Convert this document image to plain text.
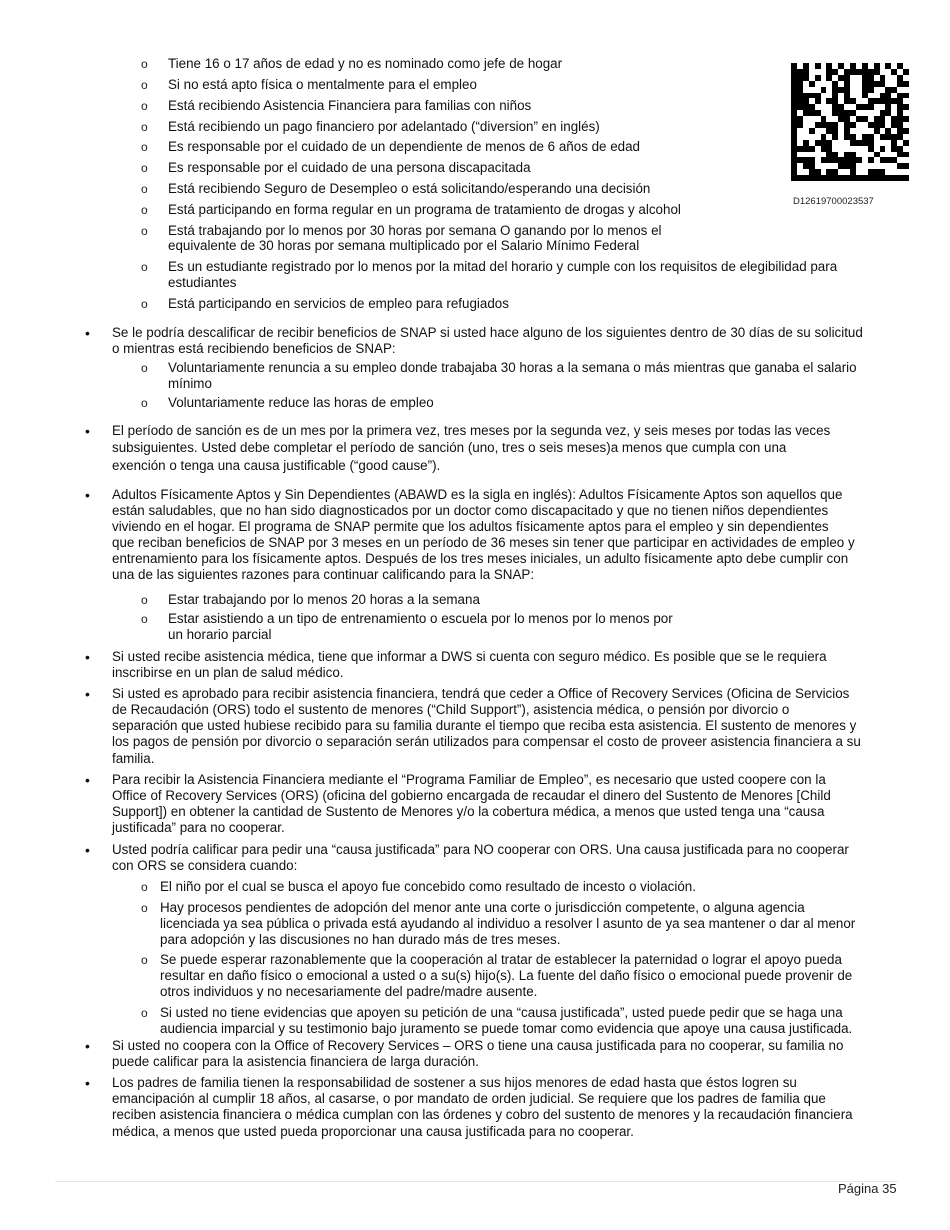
D12619700023537
o Tiene 16 o 17 años de edad y no es nominado como jefe de hogar
o Si no está apto física o mentalmente para el empleo
o Está recibiendo Asistencia Financiera para familias con niños
o Está recibiendo un pago financiero por adelantado (“diversion” en inglés)
o Es responsable por el cuidado de un dependiente de menos de 6 años de edad
o Es responsable por el cuidado de una persona discapacitada
o Está recibiendo Seguro de Desempleo o está solicitando/esperando una decisión
o Está participando en forma regular en un programa de tratamiento de drogas y alcohol
o Está trabajando por lo menos por 30 horas por semana O ganando por lo menos el
equivalente de 30 horas por semana multiplicado por el Salario Mínimo Federal
o Es un estudiante registrado por lo menos por la mitad del horario y cumple con los requisitos de elegibilidad para
estudiantes
o Está participando en servicios de empleo para refugiados
• Se le podría descalificar de recibir beneficios de SNAP si usted hace alguno de los siguientes dentro de 30 días de su solicitud
o mientras está recibiendo beneficios de SNAP:
o Voluntariamente renuncia a su empleo donde trabajaba 30 horas a la semana o más mientras que ganaba el salario
mínimo
o Voluntariamente reduce las horas de empleo
• El período de sanción es de un mes por la primera vez, tres meses por la segunda vez, y seis meses por todas las veces
subsiguientes. Usted debe completar el período de sanción (uno, tres o seis meses)a menos que cumpla con una
exención o tenga una causa justificable (“good cause”).
• Adultos Físicamente Aptos y Sin Dependientes (ABAWD es la sigla en inglés): Adultos Físicamente Aptos son aquellos que
están saludables, que no han sido diagnosticados por un doctor como discapacitado y que no tienen niños dependientes
viviendo en el hogar. El programa de SNAP permite que los adultos físicamente aptos para el empleo y sin dependientes
que reciban beneficios de SNAP por 3 meses en un período de 36 meses sin tener que participar en actividades de empleo y
entrenamiento para los físicamente aptos. Después de los tres meses iniciales, un adulto físicamente apto debe cumplir con
una de las siguientes razones para continuar calificando para la SNAP:
o Estar trabajando por lo menos 20 horas a la semana
o Estar asistiendo a un tipo de entrenamiento o escuela por lo menos por lo menos por
un horario parcial
• Si usted recibe asistencia médica, tiene que informar a DWS si cuenta con seguro médico. Es posible que se le requiera
inscribirse en un plan de salud médico.
• Si usted es aprobado para recibir asistencia financiera, tendrá que ceder a Office of Recovery Services (Oficina de Servicios
de Recaudación (ORS) todo el sustento de menores (“Child Support”), asistencia médica, o pensión por divorcio o
separación que usted hubiese recibido para su familia durante el tiempo que reciba esta asistencia. El sustento de menores y
los pagos de pensión por divorcio o separación serán utilizados para compensar el costo de proveer asistencia financiera a su
familia.
• Para recibir la Asistencia Financiera mediante el “Programa Familiar de Empleo”, es necesario que usted coopere con la
Office of Recovery Services (ORS) (oficina del gobierno encargada de recaudar el dinero del Sustento de Menores [Child
Support]) en obtener la cantidad de Sustento de Menores y/o la cobertura médica, a menos que usted tenga una “causa
justificada” para no cooperar.
• Usted podría calificar para pedir una “causa justificada” para NO cooperar con ORS. Una causa justificada para no cooperar
con ORS se considera cuando:
o El niño por el cual se busca el apoyo fue concebido como resultado de incesto o violación.
o Hay procesos pendientes de adopción del menor ante una corte o jurisdicción competente, o alguna agencia
licenciada ya sea pública o privada está ayudando al individuo a resolver l asunto de ya sea mantener o dar al menor
para adopción y las discusiones no han durado más de tres meses.
o Se puede esperar razonablemente que la cooperación al tratar de establecer la paternidad o lograr el apoyo pueda
resultar en daño físico o emocional a usted o a su(s) hijo(s). La fuente del daño físico o emocional puede provenir de
otros individuos y no necesariamente del padre/madre ausente.
o Si usted no tiene evidencias que apoyen su petición de una “causa justificada”, usted puede pedir que se haga una
audiencia imparcial y su testimonio bajo juramento se puede tomar como evidencia que apoye una causa justificada.
• Si usted no coopera con la Office of Recovery Services – ORS o tiene una causa justificada para no cooperar, su familia no
puede calificar para la asistencia financiera de larga duración.
• Los padres de familia tienen la responsabilidad de sostener a sus hijos menores de edad hasta que éstos logren su
emancipación al cumplir 18 años, al casarse, o por mandato de orden judicial. Se requiere que los padres de familia que
reciben asistencia financiera o médica cumplan con las órdenes y cobro del sustento de menores y la recaudación financiera
médica, a menos que usted pueda proporcionar una causa justificada para no cooperar.
Página 35
